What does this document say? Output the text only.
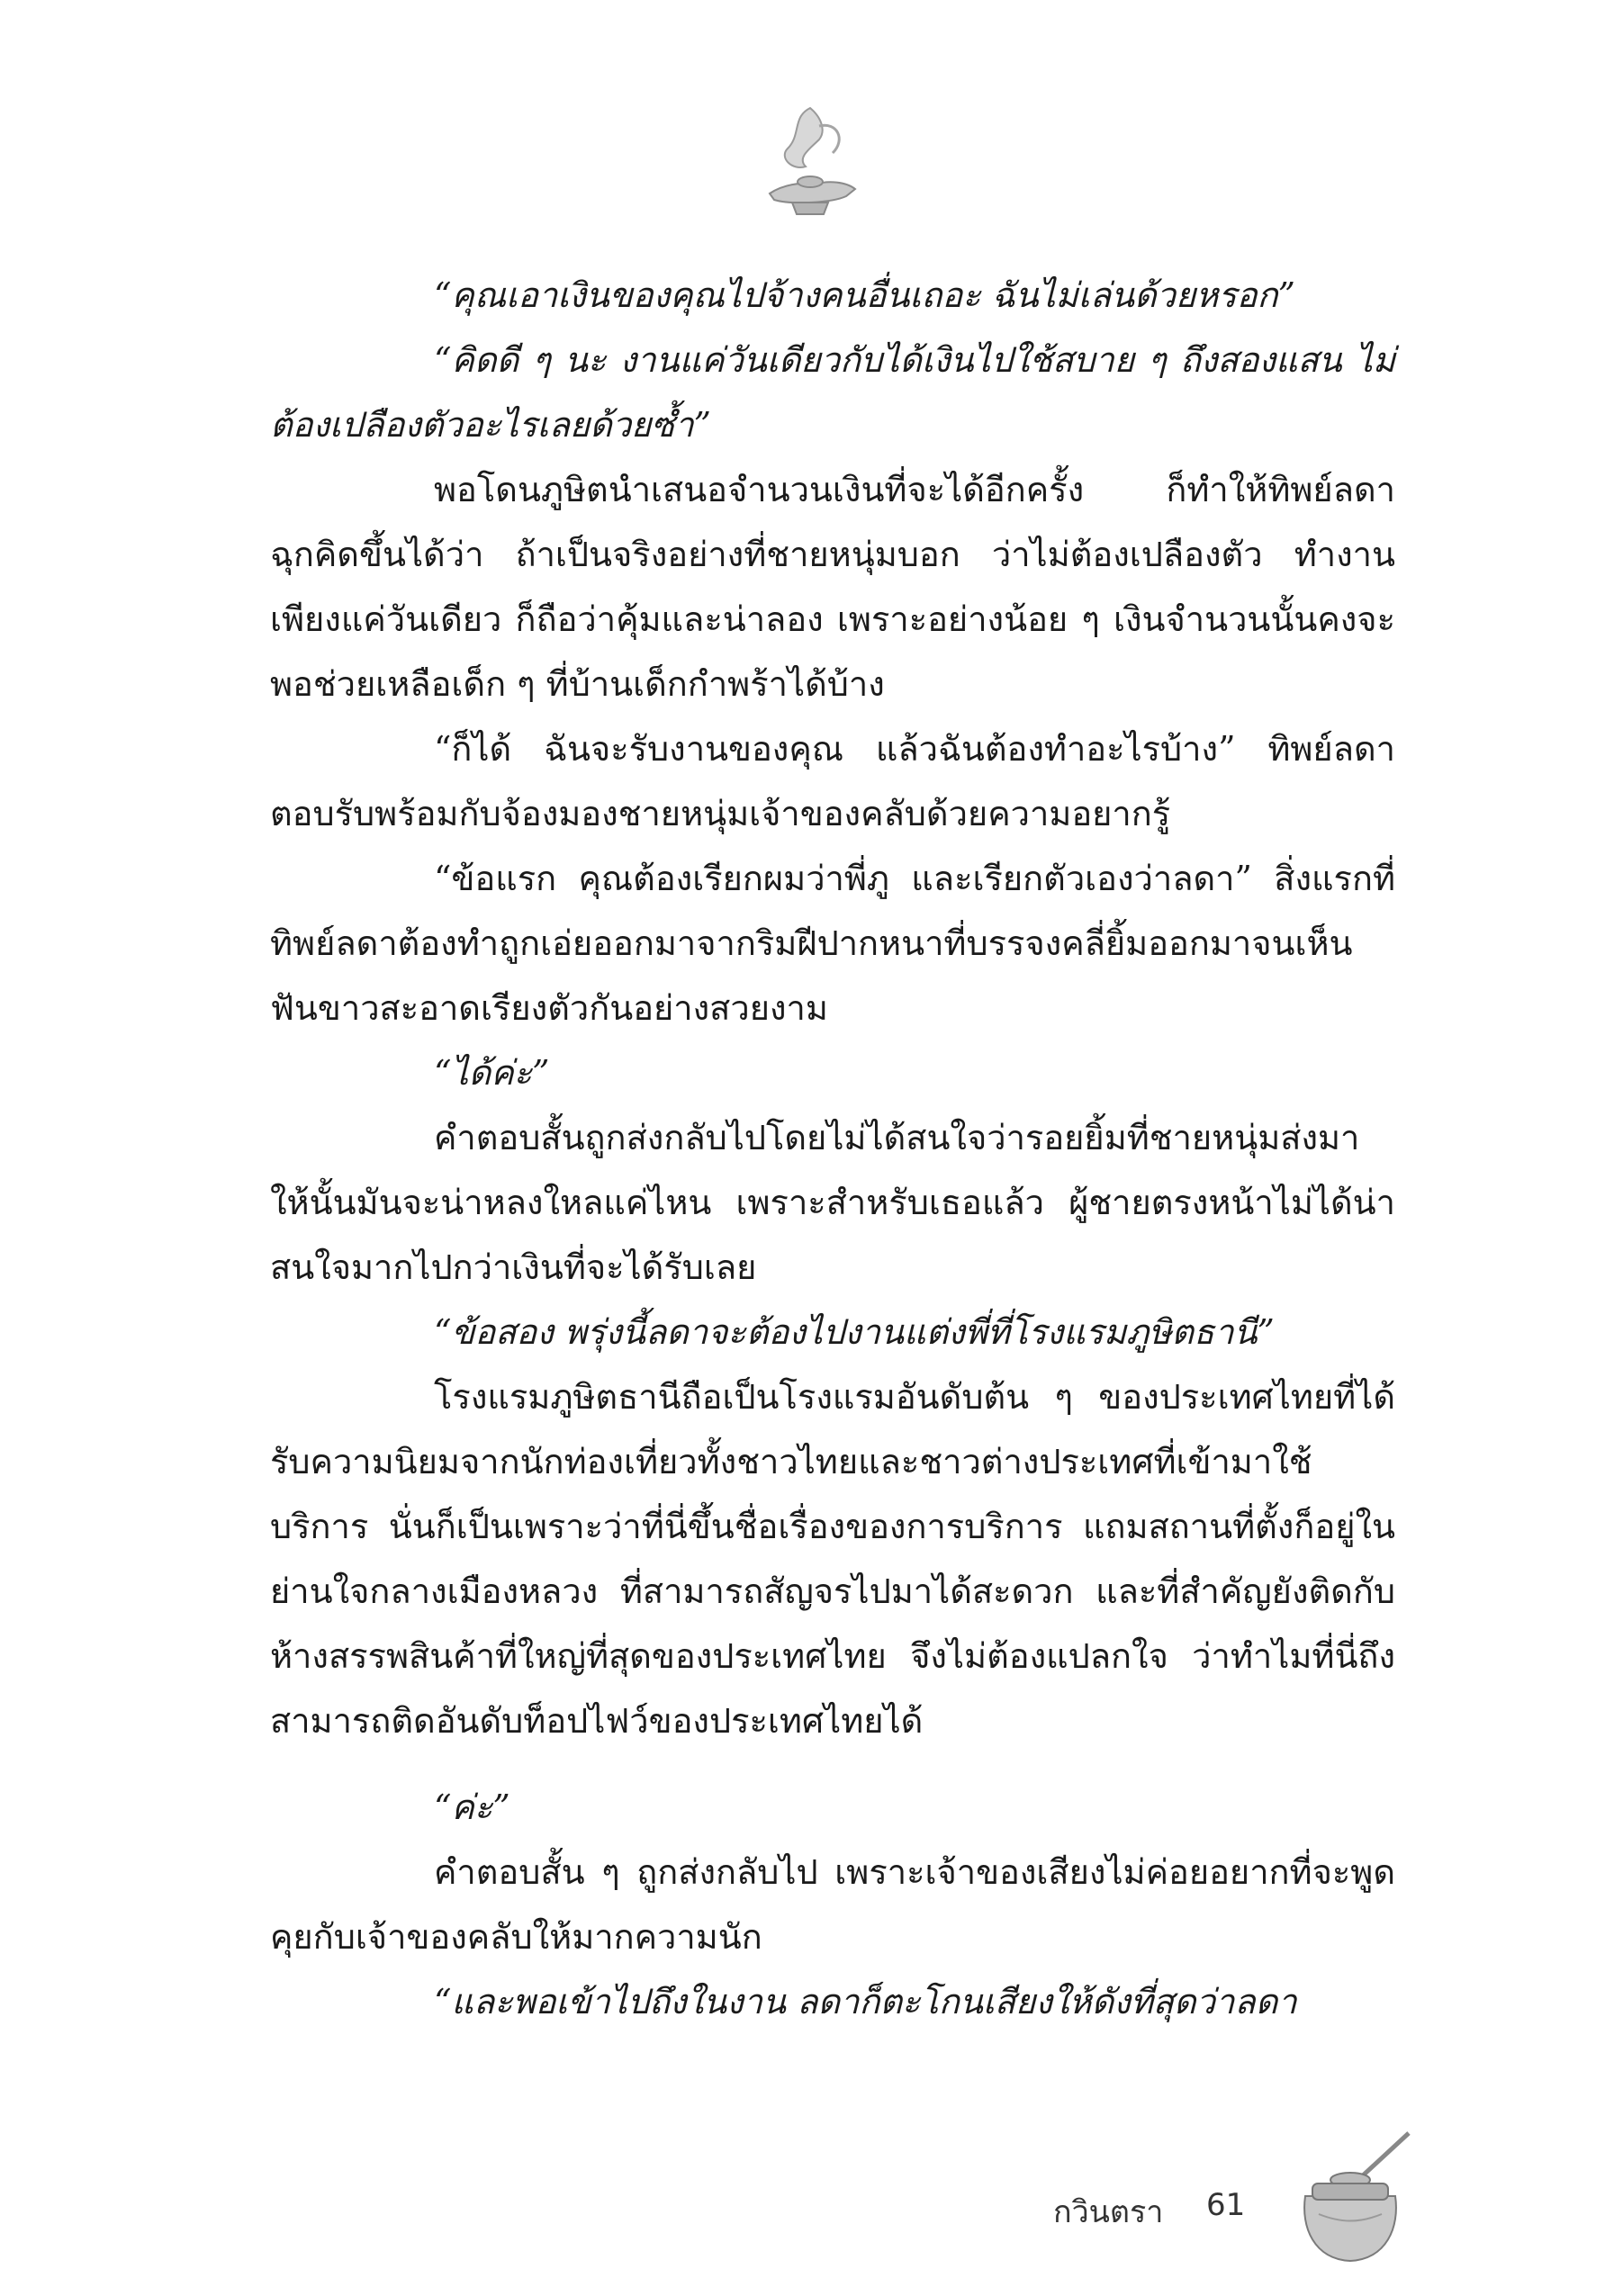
“คุณเอาเงินของคุณไปจ้างคนอื่นเถอะ ฉันไม่เล่นด้วยหรอก”

“คิดดี ๆ นะ งานแค่วันเดียวกับได้เงินไปใช้สบาย ๆ ถึงสองแสน ไม่ต้องเปลืองตัวอะไรเลยด้วยซ้ำ”

พอโดนภูษิตนำเสนอจำนวนเงินที่จะได้อีกครั้ง ก็ทำให้ทิพย์ลดาฉุกคิดขึ้นได้ว่า ถ้าเป็นจริงอย่างที่ชายหนุ่มบอก ว่าไม่ต้องเปลืองตัว ทำงานเพียงแค่วันเดียว ก็ถือว่าคุ้มและน่าลอง เพราะอย่างน้อย ๆ เงินจำนวนนั้นคงจะพอช่วยเหลือเด็ก ๆ ที่บ้านเด็กกำพร้าได้บ้าง

“ก็ได้ ฉันจะรับงานของคุณ แล้วฉันต้องทำอะไรบ้าง” ทิพย์ลดาตอบรับพร้อมกับจ้องมองชายหนุ่มเจ้าของคลับด้วยความอยากรู้

“ข้อแรก คุณต้องเรียกผมว่าพี่ภู และเรียกตัวเองว่าลดา” สิ่งแรกที่ทิพย์ลดาต้องทำถูกเอ่ยออกมาจากริมฝีปากหนาที่บรรจงคลี่ยิ้มออกมาจนเห็นฟันขาวสะอาดเรียงตัวกันอย่างสวยงาม

“ได้ค่ะ”

คำตอบสั้นถูกส่งกลับไปโดยไม่ได้สนใจว่ารอยยิ้มที่ชายหนุ่มส่งมาให้นั้นมันจะน่าหลงใหลแค่ไหน เพราะสำหรับเธอแล้ว ผู้ชายตรงหน้าไม่ได้น่าสนใจมากไปกว่าเงินที่จะได้รับเลย

“ข้อสอง พรุ่งนี้ลดาจะต้องไปงานแต่งพี่ที่โรงแรมภูษิตธานี”

โรงแรมภูษิตธานีถือเป็นโรงแรมอันดับต้น ๆ ของประเทศไทยที่ได้รับความนิยมจากนักท่องเที่ยวทั้งชาวไทยและชาวต่างประเทศที่เข้ามาใช้บริการ นั่นก็เป็นเพราะว่าที่นี่ขึ้นชื่อเรื่องของการบริการ แถมสถานที่ตั้งก็อยู่ในย่านใจกลางเมืองหลวง ที่สามารถสัญจรไปมาได้สะดวก และที่สำคัญยังติดกับห้างสรรพสินค้าที่ใหญ่ที่สุดของประเทศไทย จึงไม่ต้องแปลกใจ ว่าทำไมที่นี่ถึงสามารถติดอันดับท็อปไฟว์ของประเทศไทยได้

“ค่ะ”

คำตอบสั้น ๆ ถูกส่งกลับไป เพราะเจ้าของเสียงไม่ค่อยอยากที่จะพูดคุยกับเจ้าของคลับให้มากความนัก

“และพอเข้าไปถึงในงาน ลดาก็ตะโกนเสียงให้ดังที่สุดว่าลดา

กวินตรา 61
